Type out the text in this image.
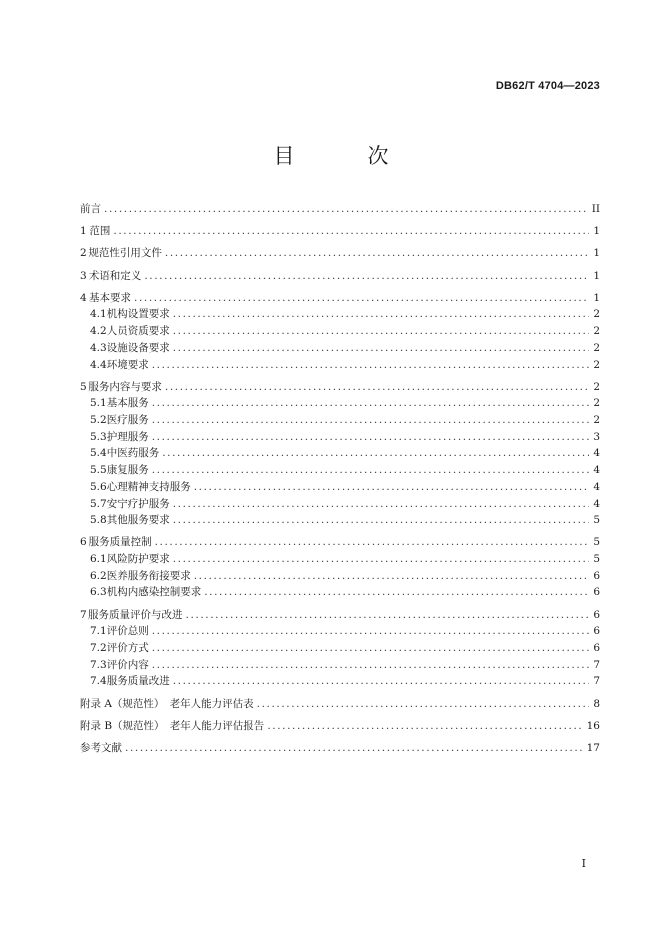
DB62/T 4704—2023
目　次
前言 .....	II
1 范围 .....	1
2 规范性引用文件 .....	1
3 术语和定义 .....	1
4 基本要求 .....	1
4.1 机构设置要求 .....	2
4.2 人员资质要求 .....	2
4.3 设施设备要求 .....	2
4.4 环境要求 .....	2
5 服务内容与要求 .....	2
5.1 基本服务 .....	2
5.2 医疗服务 .....	2
5.3 护理服务 .....	3
5.4 中医药服务 .....	4
5.5 康复服务 .....	4
5.6 心理精神支持服务 .....	4
5.7 安宁疗护服务 .....	4
5.8 其他服务要求 .....	5
6 服务质量控制 .....	5
6.1 风险防护要求 .....	5
6.2 医养服务衔接要求 .....	6
6.3 机构内感染控制要求 .....	6
7 服务质量评价与改进 .....	6
7.1 评价总则 .....	6
7.2 评价方式 .....	6
7.3 评价内容 .....	7
7.4 服务质量改进 .....	7
附录 A（规范性）　老年人能力评估表 .....	8
附录 B（规范性）　老年人能力评估报告 .....	16
参考文献 .....	17
I
